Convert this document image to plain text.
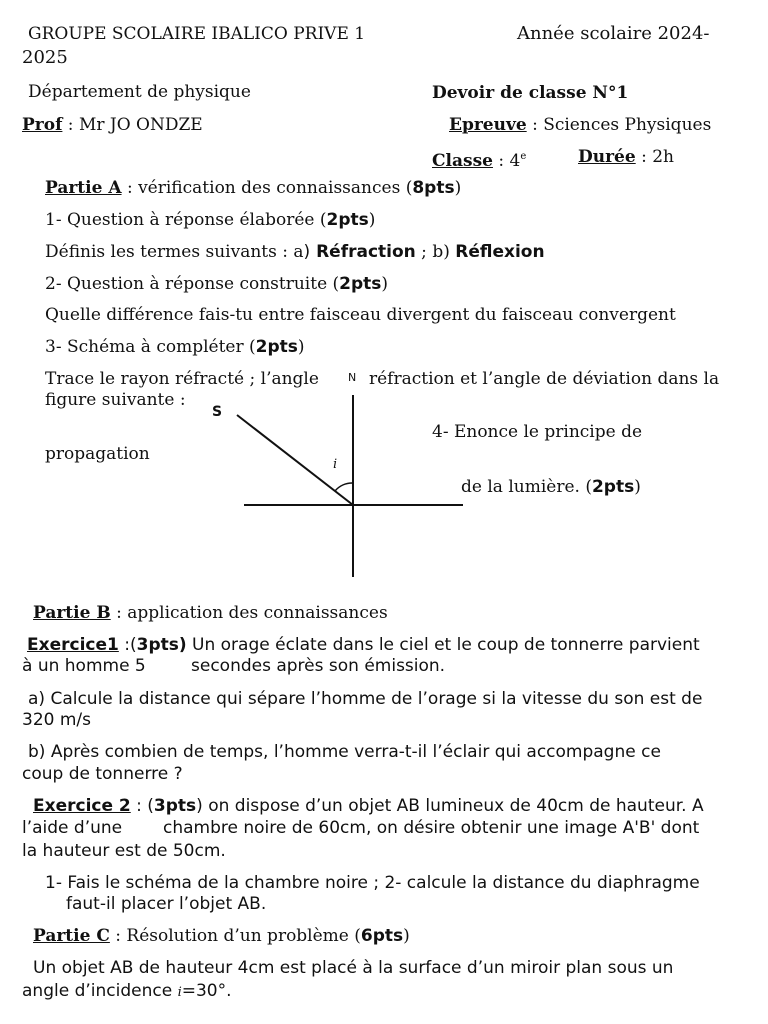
GROUPE SCOLAIRE IBALICO PRIVE 1	Année scolaire 2024-
2025
Département de physique	Devoir de classe N°1
Prof : Mr JO ONDZE	Epreuve : Sciences Physiques
Classe : 4e	Durée : 2h
Partie A : vérification des connaissances (8pts)
1- Question à réponse élaborée (2pts)
Définis les termes suivants : a) Réfraction ; b) Réflexion
2- Question à réponse construite (2pts)
Quelle différence fais-tu entre faisceau divergent du faisceau convergent
3- Schéma à compléter (2pts)
Trace le rayon réfracté ; l’angle	réfraction et l’angle de déviation dans la
figure suivante :
4- Enonce le principe de
propagation
de la lumière. (2pts)
N
S
i
Partie B : application des connaissances
Exercice1 :(3pts) Un orage éclate dans le ciel et le coup de tonnerre parvient
à un homme 5	secondes après son émission.
a) Calcule la distance qui sépare l’homme de l’orage si la vitesse du son est de
320 m/s
b) Après combien de temps, l’homme verra-t-il l’éclair qui accompagne ce
coup de tonnerre ?
Exercice 2 : (3pts) on dispose d’un objet AB lumineux de 40cm de hauteur. A
l’aide d’une chambre noire de 60cm, on désire obtenir une image A'B' dont
la hauteur est de 50cm.
1- Fais le schéma de la chambre noire ; 2- calcule la distance du diaphragme
faut-il placer l’objet AB.
Partie C : Résolution d’un problème (6pts)
Un objet AB de hauteur 4cm est placé à la surface d’un miroir plan sous un
angle d’incidence i=30°.
